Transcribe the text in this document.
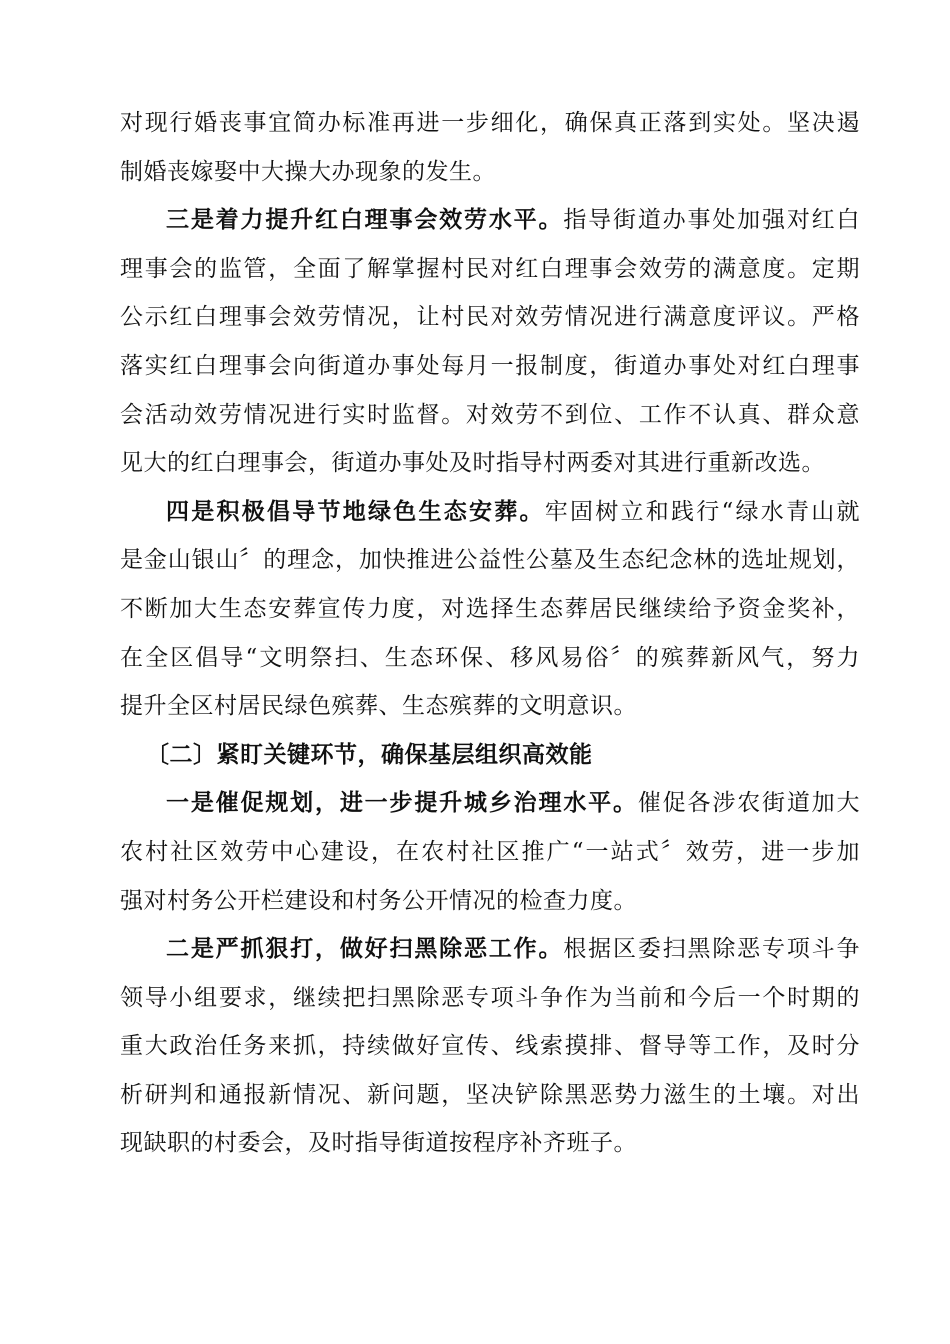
对现行婚丧事宜简办标准再进一步细化，确保真正落到实处。坚决遏
制婚丧嫁娶中大操大办现象的发生。
三是着力提升红白理事会效劳水平。指导街道办事处加强对红白
理事会的监管，全面了解掌握村民对红白理事会效劳的满意度。定期
公示红白理事会效劳情况，让村民对效劳情况进行满意度评议。严格
落实红白理事会向街道办事处每月一报制度，街道办事处对红白理事
会活动效劳情况进行实时监督。对效劳不到位、工作不认真、群众意
见大的红白理事会，街道办事处及时指导村两委对其进行重新改选。
四是积极倡导节地绿色生态安葬。牢固树立和践行“绿水青山就
是金山银山〞的理念，加快推进公益性公墓及生态纪念林的选址规划，
不断加大生态安葬宣传力度，对选择生态葬居民继续给予资金奖补，
在全区倡导“文明祭扫、生态环保、移风易俗〞的殡葬新风气，努力
提升全区村居民绿色殡葬、生态殡葬的文明意识。
〔二〕紧盯关键环节，确保基层组织高效能
一是催促规划，进一步提升城乡治理水平。催促各涉农街道加大
农村社区效劳中心建设，在农村社区推广“一站式〞效劳，进一步加
强对村务公开栏建设和村务公开情况的检查力度。
二是严抓狠打，做好扫黑除恶工作。根据区委扫黑除恶专项斗争
领导小组要求，继续把扫黑除恶专项斗争作为当前和今后一个时期的
重大政治任务来抓，持续做好宣传、线索摸排、督导等工作，及时分
析研判和通报新情况、新问题，坚决铲除黑恶势力滋生的土壤。对出
现缺职的村委会，及时指导街道按程序补齐班子。
